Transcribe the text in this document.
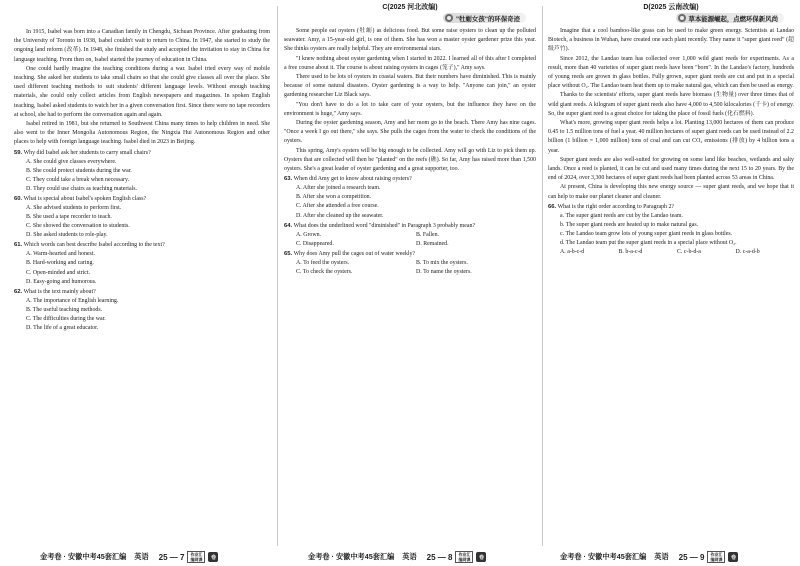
In 1915, Isabel was born into a Canadian family in Chengdu, Sichuan Province. After graduating from the University of Toronto in 1938, Isabel couldn't wait to return to China. In 1947, she started to study the ongoing land reform (改革). In 1948, she finished the study and accepted the invitation to stay in China for language teaching. From then on, Isabel started the journey of education in China.

One could hardly imagine the teaching conditions during a war. Isabel tried every way of mobile teaching. She asked her students to take small chairs so that she could give classes all over the place. She used different teaching methods to suit students' different language levels. Without enough teaching materials, she could only collect articles from English newspapers and magazines. In spoken English teaching, Isabel asked students to watch her in a given conversation first. Since there were no tape recorders at school, she had to perform the conversation again and again.

Isabel retired in 1981, but she returned to Southwest China many times to help children in need. She also went to the Inner Mongolia Autonomous Region, the Ningxia Hui Autonomous Region and other places to help with foreign language teaching. Isabel died in 2023 in Beijing.

59. Why did Isabel ask her students to carry small chairs?
A. She could give classes everywhere.
B. She could protect students during the war.
C. They could take a break when necessary.
D. They could use chairs as teaching materials.
60. What is special about Isabel's spoken English class?
A. She advised students to perform first.
B. She used a tape recorder to teach.
C. She showed the conversation to students.
D. She asked students to role-play.
61. Which words can best describe Isabel according to the text?
A. Warm-hearted and honest.
B. Hard-working and caring.
C. Open-minded and strict.
D. Easy-going and humorous.
62. What is the text mainly about?
A. The importance of English learning.
B. The useful teaching methods.
C. The difficulties during the war.
D. The life of a great educator.
C(2025 河北改编)
"牡蛎女孩"的环保奇迹

Some people eat oysters (牡蛎) as delicious food. But some raise oysters to clean up the polluted seawater. Amy, a 15-year-old girl, is one of them. She has won a master oyster gardener prize this year. She thinks oysters are really helpful. They are environmental stars.

"I knew nothing about oyster gardening when I started in 2022. I learned all of this after I completed a free course about it. The course is about raising oysters in cages (笼子)," Amy says.

There used to be lots of oysters in coastal waters. But their numbers have diminished. This is mainly because of some natural disasters. Oyster gardening is a way to help. "Anyone can join," an oyster gardening researcher Liz Black says.

"You don't have to do a lot to take care of your oysters, but the influence they have on the environment is huge," Amy says.

During the oyster gardening season, Amy and her mom go to the beach. There Amy has nine cages. "Once a week I go out there," she says. She pulls the cages from the water to check the conditions of the oysters.

This spring, Amy's oysters will be big enough to be collected. Amy will go with Liz to pick them up. Oysters that are collected will then be "planted" on the reefs (礁). So far, Amy has raised more than 1,500 oysters. She's a great leader of oyster gardening and a great supporter, too.

63. When did Amy get to know about raising oysters?
A. After she joined a research team.
B. After she won a competition.
C. After she attended a free course.
D. After she cleaned up the seawater.
64. What does the underlined word "diminished" in Paragraph 3 probably mean?
A. Grown.	B. Fallen.
C. Disappeared.	D. Remained.
65. Why does Amy pull the cages out of water weekly?
A. To feed the oysters.	B. To mix the oysters.
C. To check the oysters.	D. To name the oysters.
D(2025 云南改编)
草本能源崛起，点燃环保新风尚

Imagine that a cool bamboo-like grass can be used to make green energy. Scientists at Landao Biotech, a business in Wuhan, have created one such plant recently. They name it "super giant reed" (超级芦竹).

Since 2012, the Landao team has collected over 1,000 wild giant reeds for experiments. As a result, more than 40 varieties of super giant reeds have been "born". In the Landao's factory, hundreds of young reeds are grown in glass bottles. Fully grown, super giant reeds are cut and put in a special place without O₂. The Landao team heat them up to make natural gas, which can then be used as energy.

Thanks to the scientists' efforts, super giant reeds have biomass (生物量) over three times that of wild giant reeds. A kilogram of super giant reeds also have 4,000 to 4,500 kilocalories (千卡) of energy. So, the super giant reed is a great choice for taking the place of fossil fuels (化石燃料).

What's more, growing super giant reeds helps a lot. Planting 13,000 hectares of them can produce 0.45 to 1.5 million tons of fuel a year. 40 million hectares of super giant reeds can be used instead of 2.2 billion (1 billion = 1,000 million) tons of coal and can cut CO₂ emissions (排放) by 4 billion tons a year.

Super giant reeds are also well-suited for growing on some land like beaches, wetlands and salty lands. Once a reed is planted, it can be cut and used many times during the next 15 to 20 years. By the end of 2024, over 3,300 hectares of super giant reeds had been planted across 53 areas in China.

At present, China is developing this new energy source — super giant reeds, and we hope that it can help to make our planet cleaner and cleaner.

66. What is the right order according to Paragraph 2?
a. The super giant reeds are cut by the Landao team.
b. The super giant reeds are heated up to make natural gas.
c. The Landao team grow lots of young super giant reeds in glass bottles.
d. The Landao team put the super giant reeds in a special place without O₂.
A. a-b-c-d	B. b-a-c-d	C. c-b-d-a	D. c-a-d-b
金考卷 · 安徽中考45套汇编 英语 25 — 7	作业汇编网课	卷	金考卷 · 安徽中考45套汇编 英语 25 — 8	作业汇编网课	卷	金考卷 · 安徽中考45套汇编 英语 25 — 9	作业汇编网课	卷
